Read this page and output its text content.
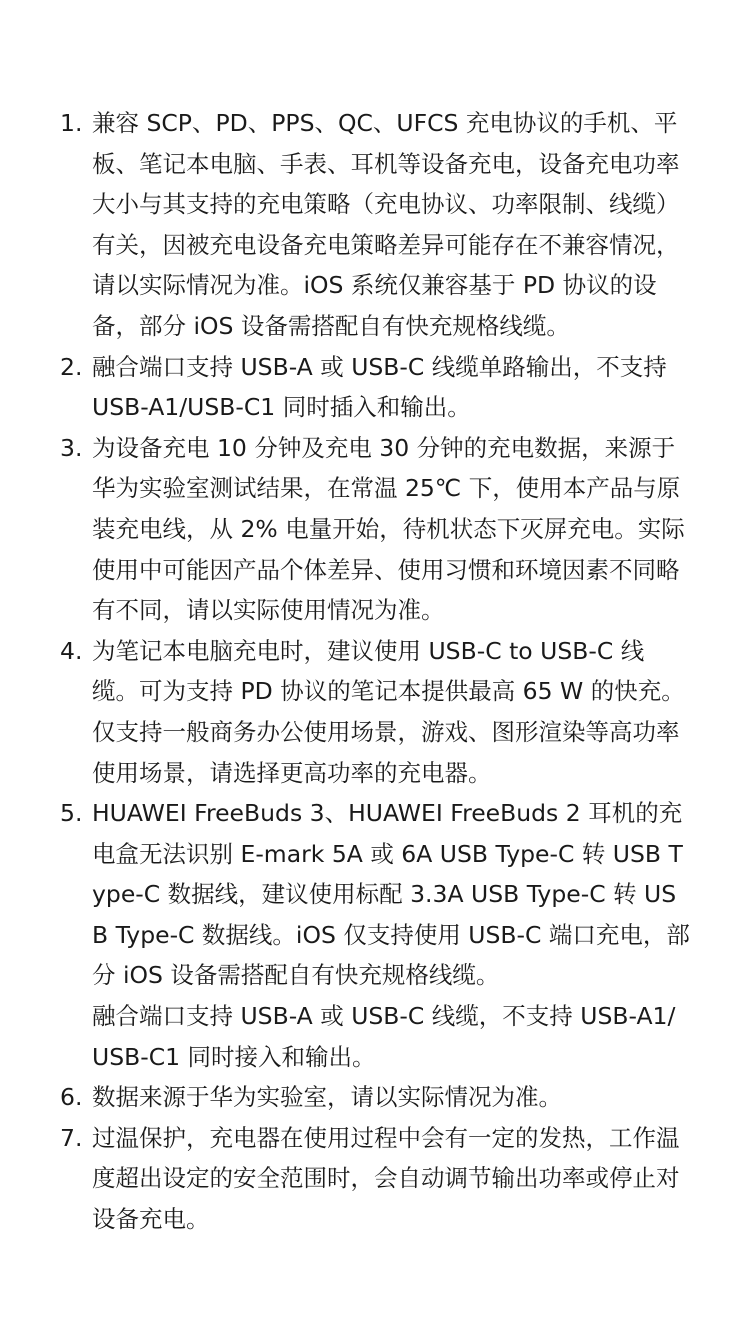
1. 兼容 SCP、PD、PPS、QC、UFCS 充电协议的手机、平板、笔记本电脑、手表、耳机等设备充电，设备充电功率大小与其支持的充电策略（充电协议、功率限制、线缆）有关，因被充电设备充电策略差异可能存在不兼容情况，请以实际情况为准。iOS 系统仅兼容基于 PD 协议的设备，部分 iOS 设备需搭配自有快充规格线缆。
2. 融合端口支持 USB-A 或 USB-C 线缆单路输出，不支持 USB-A1/USB-C1 同时插入和输出。
3. 为设备充电 10 分钟及充电 30 分钟的充电数据，来源于华为实验室测试结果，在常温 25℃ 下，使用本产品与原装充电线，从 2% 电量开始，待机状态下灭屏充电。实际使用中可能因产品个体差异、使用习惯和环境因素不同略有不同，请以实际使用情况为准。
4. 为笔记本电脑充电时，建议使用 USB-C to USB-C 线缆。可为支持 PD 协议的笔记本提供最高 65 W 的快充。仅支持一般商务办公使用场景，游戏、图形渲染等高功率使用场景，请选择更高功率的充电器。
5. HUAWEI FreeBuds 3、HUAWEI FreeBuds 2 耳机的充电盒无法识别 E-mark 5A 或 6A USB Type-C 转 USB Type-C 数据线，建议使用标配 3.3A USB Type-C 转 USB Type-C 数据线。iOS 仅支持使用 USB-C 端口充电，部分 iOS 设备需搭配自有快充规格线缆。
融合端口支持 USB-A 或 USB-C 线缆，不支持 USB-A1/USB-C1 同时接入和输出。
6. 数据来源于华为实验室，请以实际情况为准。
7. 过温保护，充电器在使用过程中会有一定的发热，工作温度超出设定的安全范围时，会自动调节输出功率或停止对设备充电。
